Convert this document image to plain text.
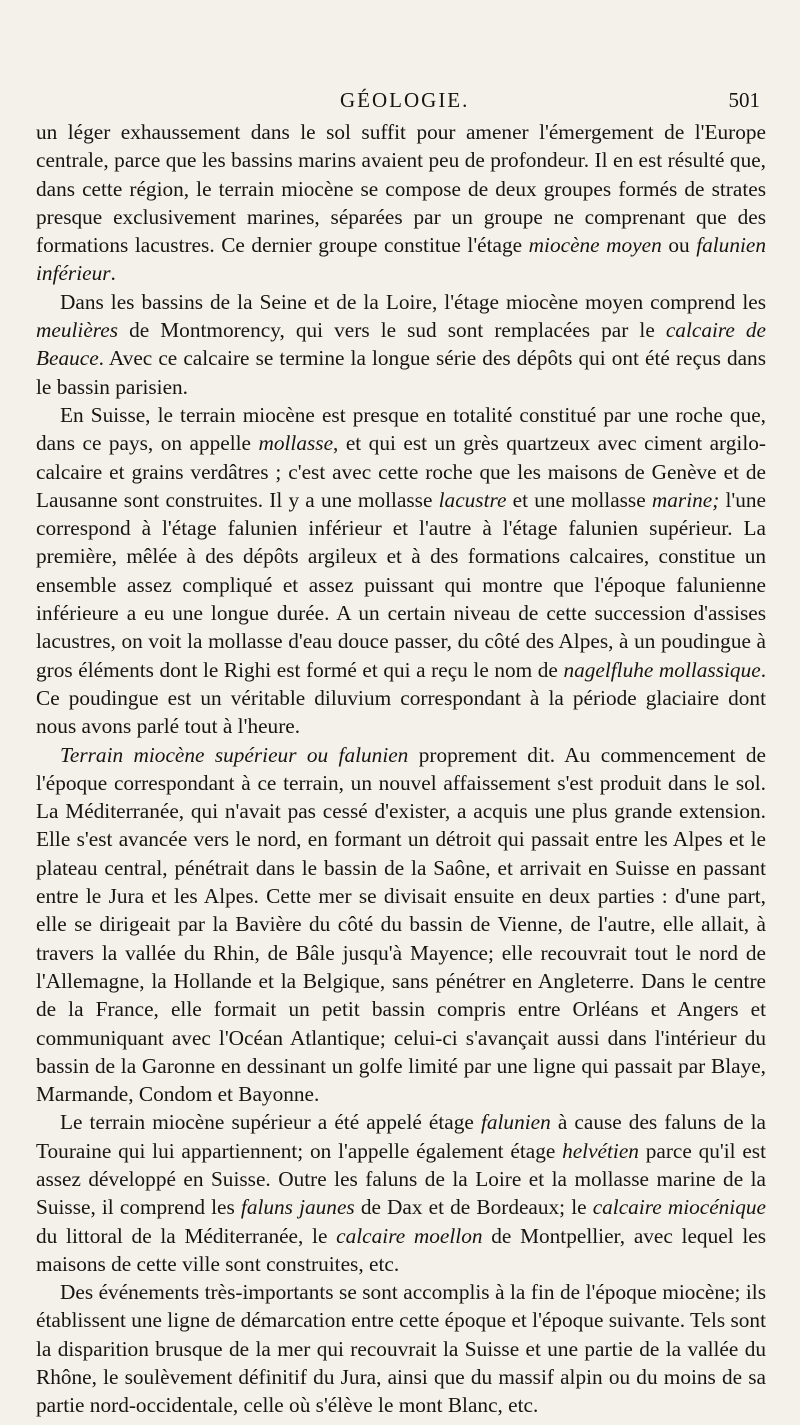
GÉOLOGIE.	501

un léger exhaussement dans le sol suffit pour amener l'émergement de l'Europe centrale, parce que les bassins marins avaient peu de profondeur. Il en est résulté que, dans cette région, le terrain miocène se compose de deux groupes formés de strates presque exclusivement marines, séparées par un groupe ne comprenant que des formations lacustres. Ce dernier groupe constitue l'étage miocène moyen ou falunien inférieur.

Dans les bassins de la Seine et de la Loire, l'étage miocène moyen comprend les meulières de Montmorency, qui vers le sud sont remplacées par le calcaire de Beauce. Avec ce calcaire se termine la longue série des dépôts qui ont été reçus dans le bassin parisien.

En Suisse, le terrain miocène est presque en totalité constitué par une roche que, dans ce pays, on appelle mollasse, et qui est un grès quartzeux avec ciment argilo-calcaire et grains verdâtres ; c'est avec cette roche que les maisons de Genève et de Lausanne sont construites. Il y a une mollasse lacustre et une mollasse marine; l'une correspond à l'étage falunien inférieur et l'autre à l'étage falunien supérieur. La première, mêlée à des dépôts argileux et à des formations calcaires, constitue un ensemble assez compliqué et assez puissant qui montre que l'époque falunienne inférieure a eu une longue durée. A un certain niveau de cette succession d'assises lacustres, on voit la mollasse d'eau douce passer, du côté des Alpes, à un poudingue à gros éléments dont le Righi est formé et qui a reçu le nom de nagelfluhe mollassique. Ce poudingue est un véritable diluvium correspondant à la période glaciaire dont nous avons parlé tout à l'heure.

Terrain miocène supérieur ou falunien proprement dit. Au commencement de l'époque correspondant à ce terrain, un nouvel affaissement s'est produit dans le sol. La Méditerranée, qui n'avait pas cessé d'exister, a acquis une plus grande extension. Elle s'est avancée vers le nord, en formant un détroit qui passait entre les Alpes et le plateau central, pénétrait dans le bassin de la Saône, et arrivait en Suisse en passant entre le Jura et les Alpes. Cette mer se divisait ensuite en deux parties : d'une part, elle se dirigeait par la Bavière du côté du bassin de Vienne, de l'autre, elle allait, à travers la vallée du Rhin, de Bâle jusqu'à Mayence; elle recouvrait tout le nord de l'Allemagne, la Hollande et la Belgique, sans pénétrer en Angleterre. Dans le centre de la France, elle formait un petit bassin compris entre Orléans et Angers et communiquant avec l'Océan Atlantique; celui-ci s'avançait aussi dans l'intérieur du bassin de la Garonne en dessinant un golfe limité par une ligne qui passait par Blaye, Marmande, Condom et Bayonne.

Le terrain miocène supérieur a été appelé étage falunien à cause des faluns de la Touraine qui lui appartiennent; on l'appelle également étage helvétien parce qu'il est assez développé en Suisse. Outre les faluns de la Loire et la mollasse marine de la Suisse, il comprend les faluns jaunes de Dax et de Bordeaux; le calcaire miocénique du littoral de la Méditerranée, le calcaire moellon de Montpellier, avec lequel les maisons de cette ville sont construites, etc.

Des événements très-importants se sont accomplis à la fin de l'époque miocène; ils établissent une ligne de démarcation entre cette époque et l'époque suivante. Tels sont la disparition brusque de la mer qui recouvrait la Suisse et une partie de la vallée du Rhône, le soulèvement définitif du Jura, ainsi que du massif alpin ou du moins de sa partie nord-occidentale, celle où s'élève le mont Blanc, etc.
